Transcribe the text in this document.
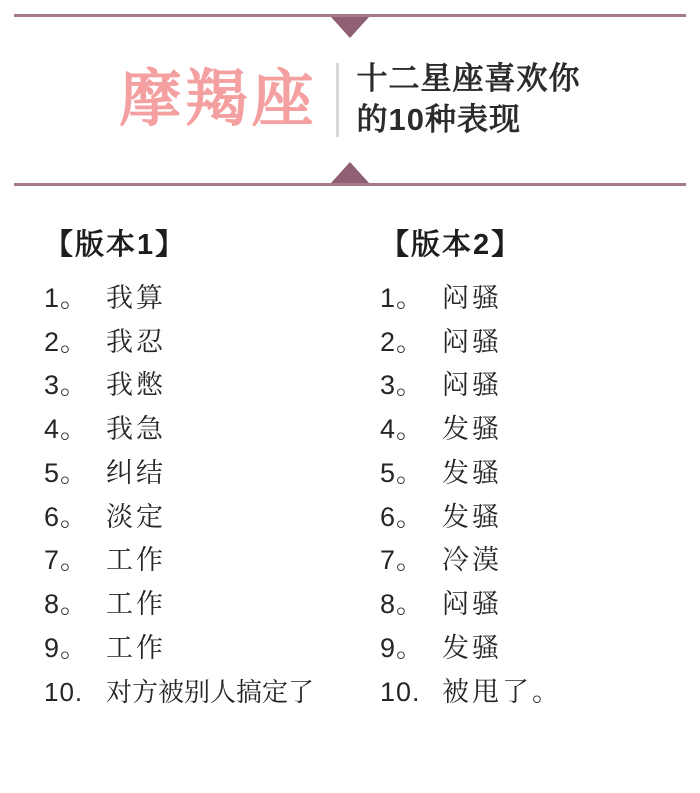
摩羯座 十二星座喜欢你
的10种表现
【版本1】
1。 我算
2。 我忍
3。 我憋
4。 我急
5。 纠结
6。 淡定
7。 工作
8。 工作
9。 工作
10. 对方被别人搞定了
【版本2】
1。 闷骚
2。 闷骚
3。 闷骚
4。 发骚
5。 发骚
6。 发骚
7。 冷漠
8。 闷骚
9。 发骚
10. 被甩了。
